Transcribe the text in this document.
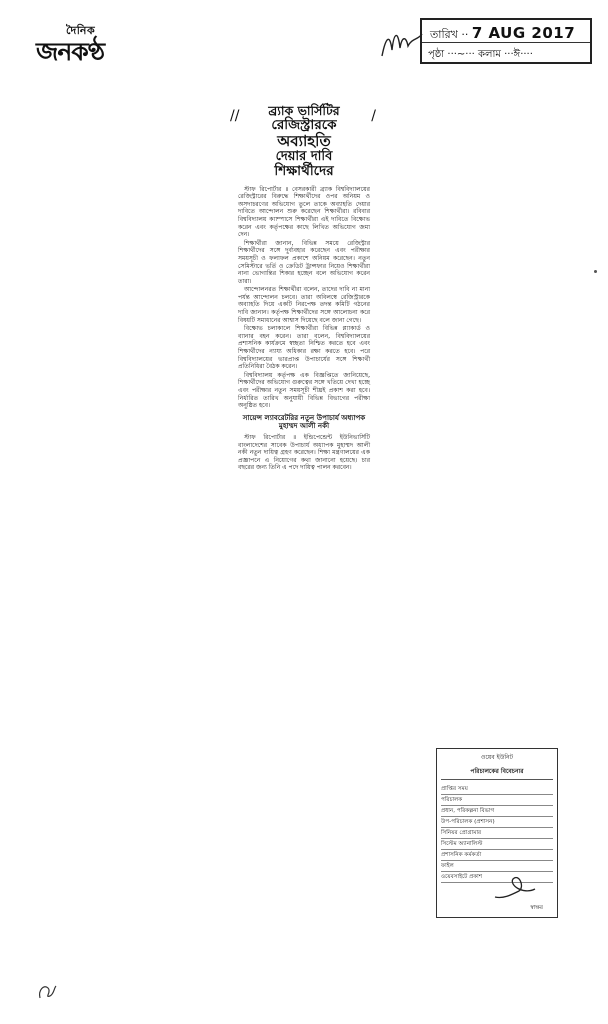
দৈনিক
জনকণ্ঠ
তারিখ ·· 7 AUG 2017
পৃষ্ঠা ···~··· কলাম ···ঈ····
//	/
ব্র্যাক ভার্সিটির
রেজিস্ট্রারকে
অব্যাহতি
দেয়ার দাবি
শিক্ষার্থীদের

স্টাফ রিপোর্টার ॥ বেসরকারী ব্র্যাক বিশ্ববিদ্যালয়ের রেজিস্ট্রারের বিরুদ্ধে শিক্ষার্থীদের ওপর অনিয়ম ও অসদাচরণের অভিযোগ তুলে তাকে অব্যাহতি দেয়ার দাবিতে আন্দোলন শুরু করেছেন শিক্ষার্থীরা। রবিবার বিশ্ববিদ্যালয় ক্যাম্পাসে শিক্ষার্থীরা এই দাবিতে বিক্ষোভ করেন এবং কর্তৃপক্ষের কাছে লিখিত অভিযোগ জমা দেন।

শিক্ষার্থীরা জানান, বিভিন্ন সময়ে রেজিস্ট্রার শিক্ষার্থীদের সঙ্গে দুর্ব্যবহার করেছেন এবং পরীক্ষার সময়সূচী ও ফলাফল প্রকাশে অনিয়ম করেছেন। নতুন সেমিস্টারে ভর্তি ও ক্রেডিট ট্রান্সফার নিয়েও শিক্ষার্থীরা নানা ভোগান্তির শিকার হচ্ছেন বলে অভিযোগ করেন তারা।

আন্দোলনরত শিক্ষার্থীরা বলেন, তাদের দাবি না মানা পর্যন্ত আন্দোলন চলবে। তারা অবিলম্বে রেজিস্ট্রারকে অব্যাহতি দিয়ে একটি নিরপেক্ষ তদন্ত কমিটি গঠনের দাবি জানান। কর্তৃপক্ষ শিক্ষার্থীদের সঙ্গে আলোচনা করে বিষয়টি সমাধানের আশ্বাস দিয়েছে বলে জানা গেছে।

বিক্ষোভ চলাকালে শিক্ষার্থীরা বিভিন্ন প্ল্যাকার্ড ও ব্যানার বহন করেন। তারা বলেন, বিশ্ববিদ্যালয়ের প্রশাসনিক কার্যক্রমে স্বচ্ছতা নিশ্চিত করতে হবে এবং শিক্ষার্থীদের ন্যায্য অধিকার রক্ষা করতে হবে। পরে বিশ্ববিদ্যালয়ের ভারপ্রাপ্ত উপাচার্যের সঙ্গে শিক্ষার্থী প্রতিনিধিরা বৈঠক করেন।

বিশ্ববিদ্যালয় কর্তৃপক্ষ এক বিজ্ঞপ্তিতে জানিয়েছে, শিক্ষার্থীদের অভিযোগ গুরুত্বের সঙ্গে খতিয়ে দেখা হচ্ছে এবং পরীক্ষার নতুন সময়সূচী শীঘ্রই প্রকাশ করা হবে। নির্ধারিত তারিখ অনুযায়ী বিভিন্ন বিভাগের পরীক্ষা অনুষ্ঠিত হবে।

সায়েন্স ল্যাবরেটরির নতুন উপাচার্য অধ্যাপক মুহাম্মদ আলী নকী

স্টাফ রিপোর্টার ॥ ইন্ডিপেন্ডেন্ট ইউনিভার্সিটি বাংলাদেশের সাবেক উপাচার্য অধ্যাপক মুহাম্মদ আলী নকী নতুন দায়িত্ব গ্রহণ করেছেন। শিক্ষা মন্ত্রণালয়ের এক প্রজ্ঞাপনে এ নিয়োগের কথা জানানো হয়েছে। চার বছরের জন্য তিনি এ পদে দায়িত্ব পালন করবেন।

ওয়েব ইউনিট
পরিচালকের বিবেচনার
প্রাপ্তির সময়
পরিচালক
প্রধান, পরিকল্পনা বিভাগ
উপ-পরিচালক (প্রশাসন)
সিনিয়র প্রোগ্রামার
সিস্টেম অ্যানালিস্ট
প্রশাসনিক কর্মকর্তা
ফাইল
ওয়েবসাইটে প্রকাশ
স্বাক্ষর
